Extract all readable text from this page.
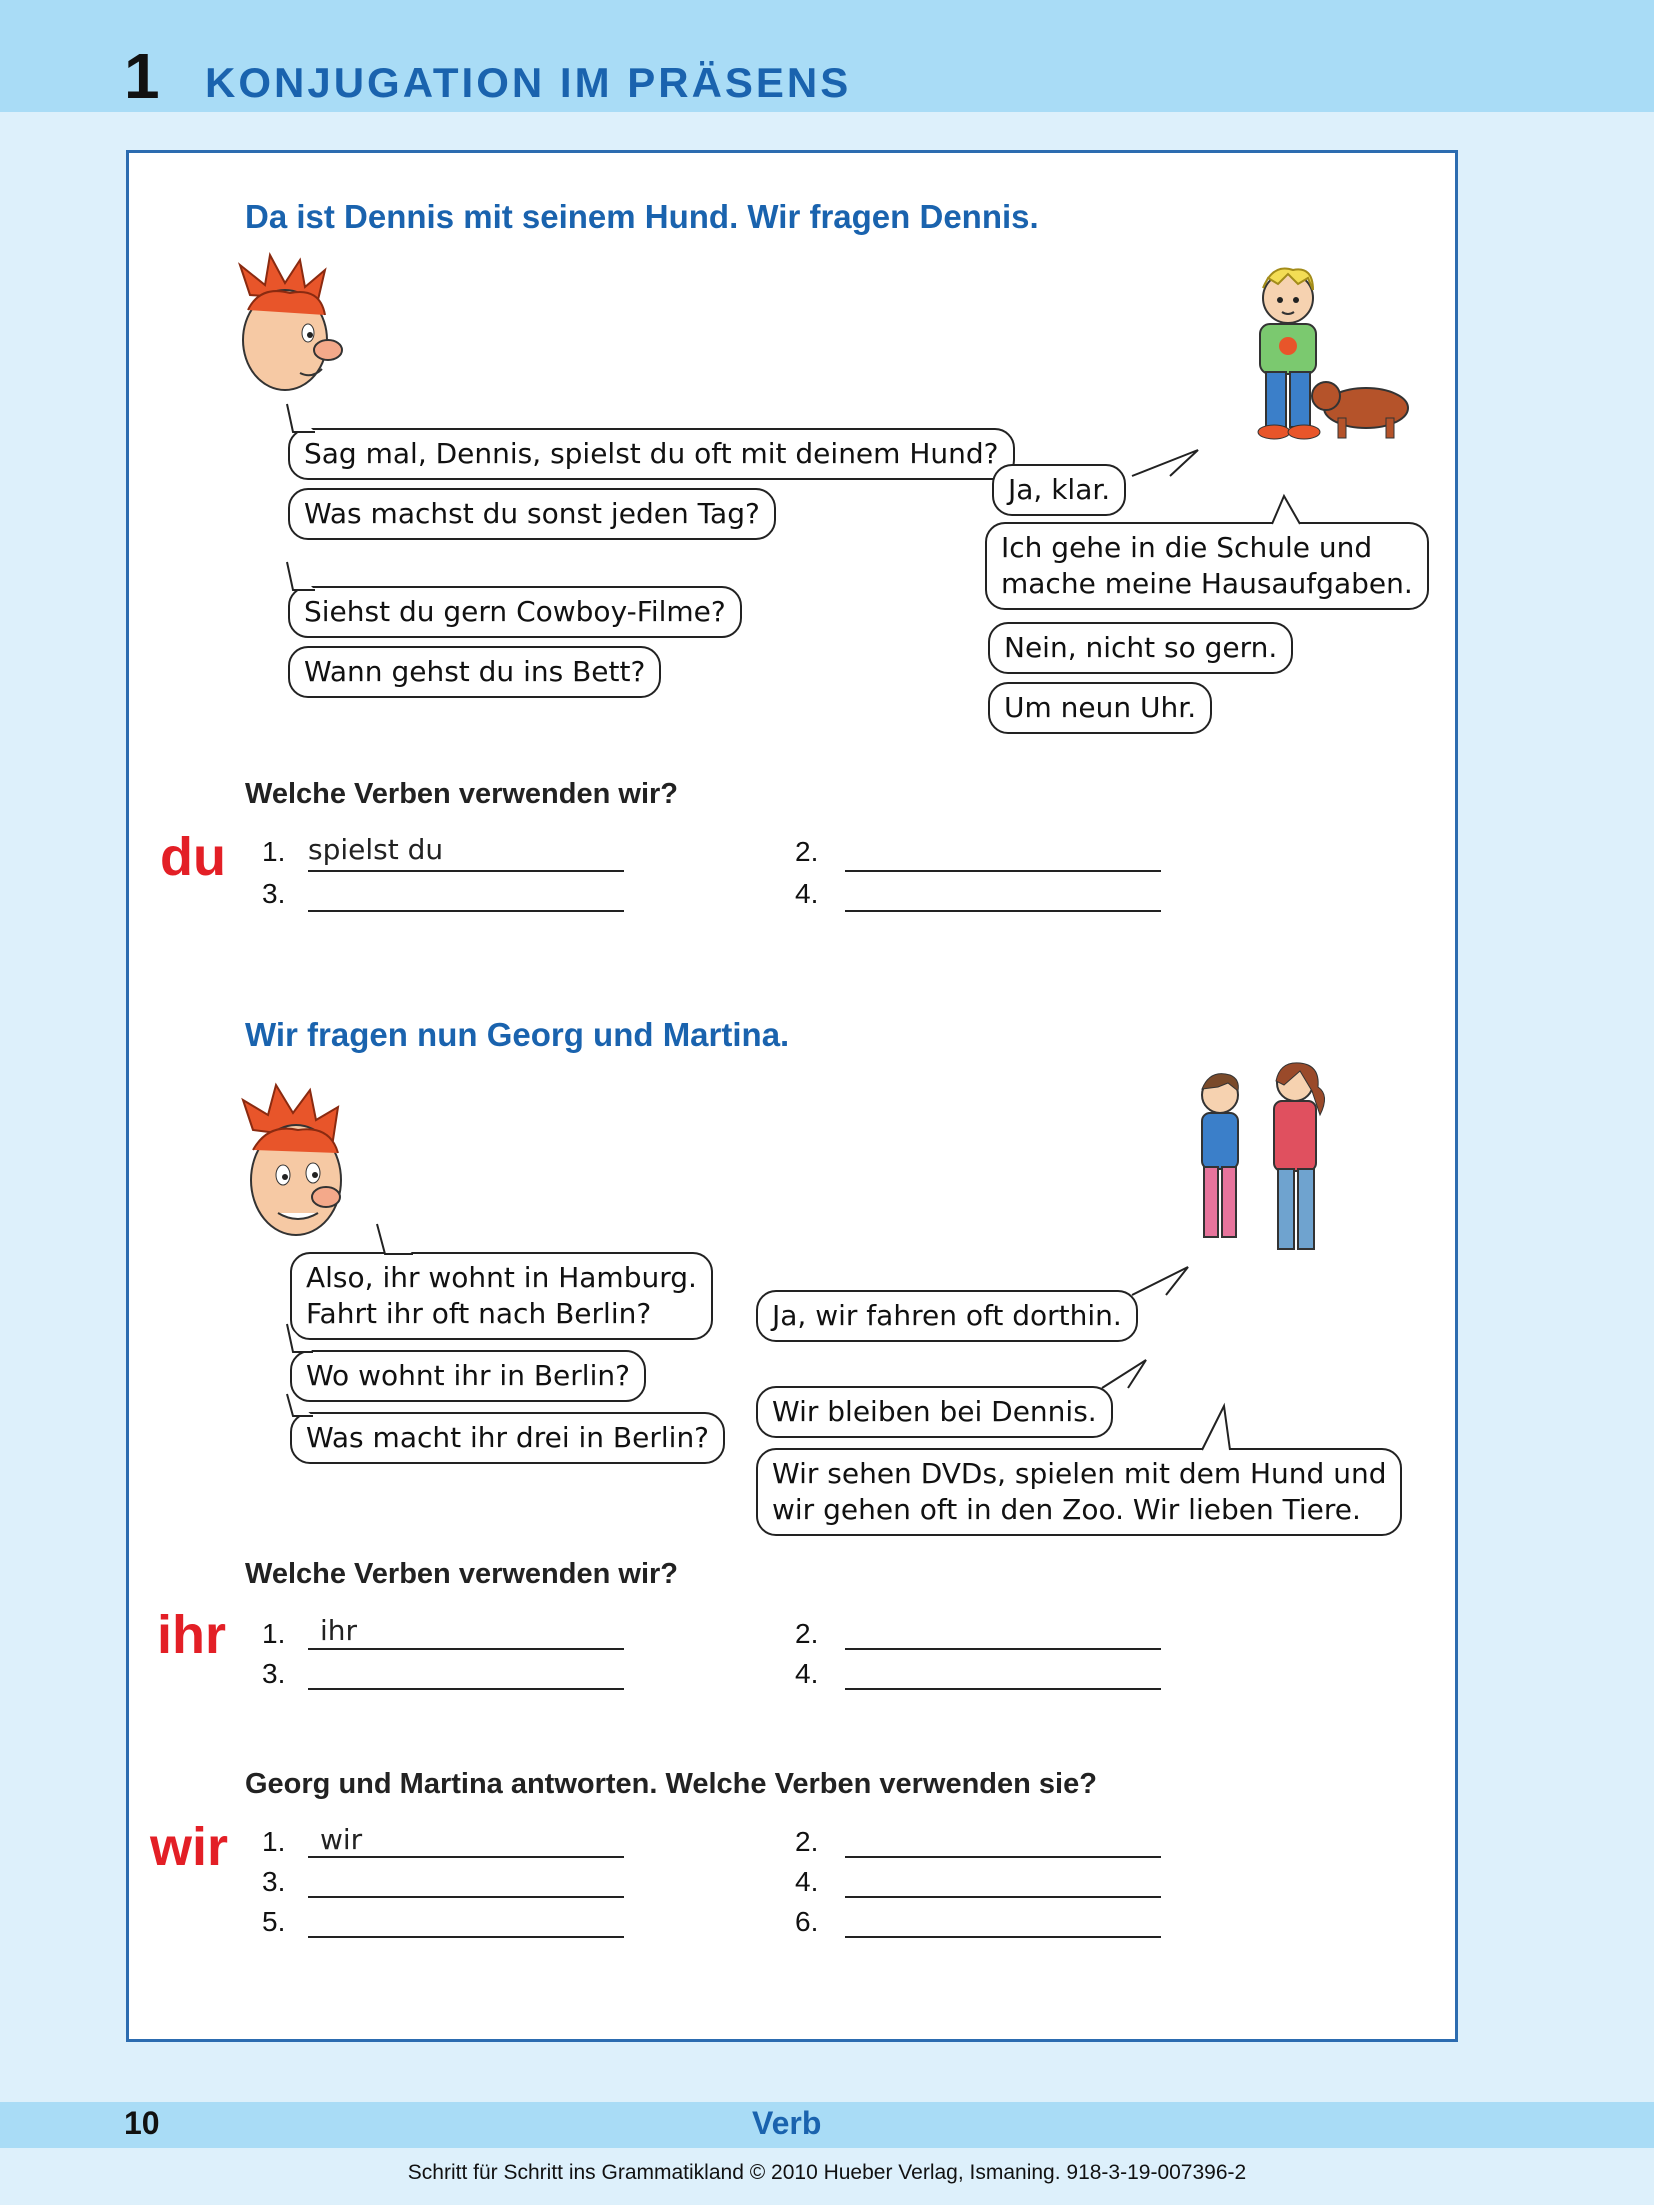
1 KONJUGATION IM PRÄSENS
Da ist Dennis mit seinem Hund. Wir fragen Dennis.
Sag mal, Dennis, spielst du oft mit deinem Hund?
Was machst du sonst jeden Tag?
Siehst du gern Cowboy-Filme?
Wann gehst du ins Bett?
Ja, klar.
Ich gehe in die Schule und
mache meine Hausaufgaben.
Nein, nicht so gern.
Um neun Uhr.
Welche Verben verwenden wir?
du 1. spielst du	2.
3.	4.
Wir fragen nun Georg und Martina.
Also, ihr wohnt in Hamburg.
Fahrt ihr oft nach Berlin?
Wo wohnt ihr in Berlin?
Was macht ihr drei in Berlin?
Ja, wir fahren oft dorthin.
Wir bleiben bei Dennis.
Wir sehen DVDs, spielen mit dem Hund und
wir gehen oft in den Zoo. Wir lieben Tiere.
Welche Verben verwenden wir?
ihr 1. ihr	2.
3.	4.
Georg und Martina antworten. Welche Verben verwenden sie?
wir 1. wir	2.
3.	4.
5.	6.
10	Verb
Schritt für Schritt ins Grammatikland © 2010 Hueber Verlag, Ismaning. 918-3-19-007396-2
